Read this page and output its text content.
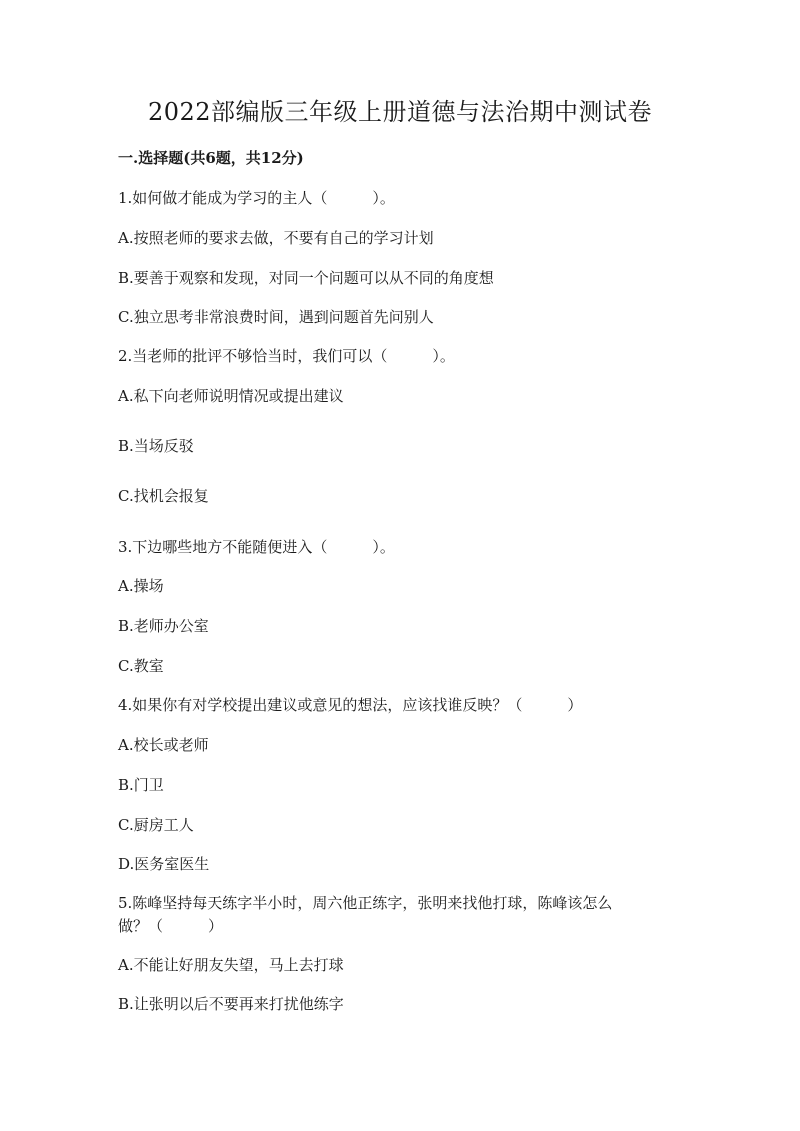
2022部编版三年级上册道德与法治期中测试卷
一.选择题(共6题，共12分)
1.如何做才能成为学习的主人（　　　）。
A.按照老师的要求去做，不要有自己的学习计划
B.要善于观察和发现，对同一个问题可以从不同的角度想
C.独立思考非常浪费时间，遇到问题首先问别人
2.当老师的批评不够恰当时，我们可以（　　　）。
A.私下向老师说明情况或提出建议
B.当场反驳
C.找机会报复
3.下边哪些地方不能随便进入（　　　）。
A.操场
B.老师办公室
C.教室
4.如果你有对学校提出建议或意见的想法，应该找谁反映？（　　　）
A.校长或老师
B.门卫
C.厨房工人
D.医务室医生
5.陈峰坚持每天练字半小时，周六他正练字，张明来找他打球，陈峰该怎么
做？（　　　）
A.不能让好朋友失望，马上去打球
B.让张明以后不要再来打扰他练字
